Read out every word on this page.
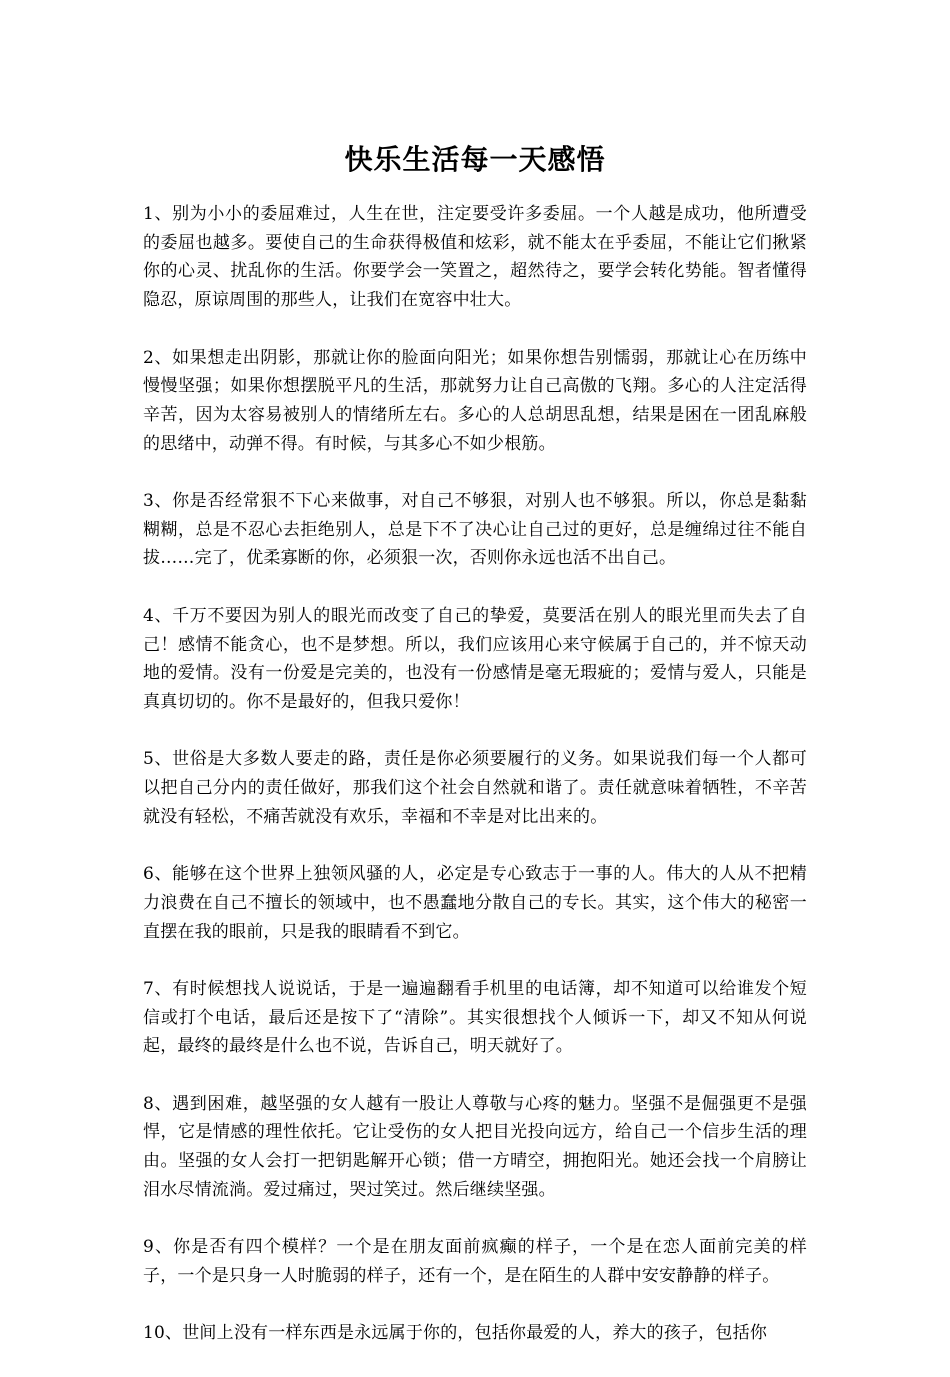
快乐生活每一天感悟

1、别为小小的委屈难过，人生在世，注定要受许多委屈。一个人越是成功，他所遭受的委屈也越多。要使自己的生命获得极值和炫彩，就不能太在乎委屈，不能让它们揪紧你的心灵、扰乱你的生活。你要学会一笑置之，超然待之，要学会转化势能。智者懂得隐忍，原谅周围的那些人，让我们在宽容中壮大。

2、如果想走出阴影，那就让你的脸面向阳光；如果你想告别懦弱，那就让心在历练中慢慢坚强；如果你想摆脱平凡的生活，那就努力让自己高傲的飞翔。多心的人注定活得辛苦，因为太容易被别人的情绪所左右。多心的人总胡思乱想，结果是困在一团乱麻般的思绪中，动弹不得。有时候，与其多心不如少根筋。

3、你是否经常狠不下心来做事，对自己不够狠，对别人也不够狠。所以，你总是黏黏糊糊，总是不忍心去拒绝别人，总是下不了决心让自己过的更好，总是缠绵过往不能自拔……完了，优柔寡断的你，必须狠一次，否则你永远也活不出自己。

4、千万不要因为别人的眼光而改变了自己的挚爱，莫要活在别人的眼光里而失去了自己！感情不能贪心，也不是梦想。所以，我们应该用心来守候属于自己的，并不惊天动地的爱情。没有一份爱是完美的，也没有一份感情是毫无瑕疵的；爱情与爱人，只能是真真切切的。你不是最好的，但我只爱你！

5、世俗是大多数人要走的路，责任是你必须要履行的义务。如果说我们每一个人都可以把自己分内的责任做好，那我们这个社会自然就和谐了。责任就意味着牺牲，不辛苦就没有轻松，不痛苦就没有欢乐，幸福和不幸是对比出来的。

6、能够在这个世界上独领风骚的人，必定是专心致志于一事的人。伟大的人从不把精力浪费在自己不擅长的领域中，也不愚蠢地分散自己的专长。其实，这个伟大的秘密一直摆在我的眼前，只是我的眼睛看不到它。

7、有时候想找人说说话，于是一遍遍翻看手机里的电话簿，却不知道可以给谁发个短信或打个电话，最后还是按下了“清除”。其实很想找个人倾诉一下，却又不知从何说起，最终的最终是什么也不说，告诉自己，明天就好了。

8、遇到困难，越坚强的女人越有一股让人尊敬与心疼的魅力。坚强不是倔强更不是强悍，它是情感的理性依托。它让受伤的女人把目光投向远方，给自己一个信步生活的理由。坚强的女人会打一把钥匙解开心锁；借一方晴空，拥抱阳光。她还会找一个肩膀让泪水尽情流淌。爱过痛过，哭过笑过。然后继续坚强。

9、你是否有四个模样？一个是在朋友面前疯癫的样子，一个是在恋人面前完美的样子，一个是只身一人时脆弱的样子，还有一个，是在陌生的人群中安安静静的样子。

10、世间上没有一样东西是永远属于你的，包括你最爱的人，养大的孩子，包括你
